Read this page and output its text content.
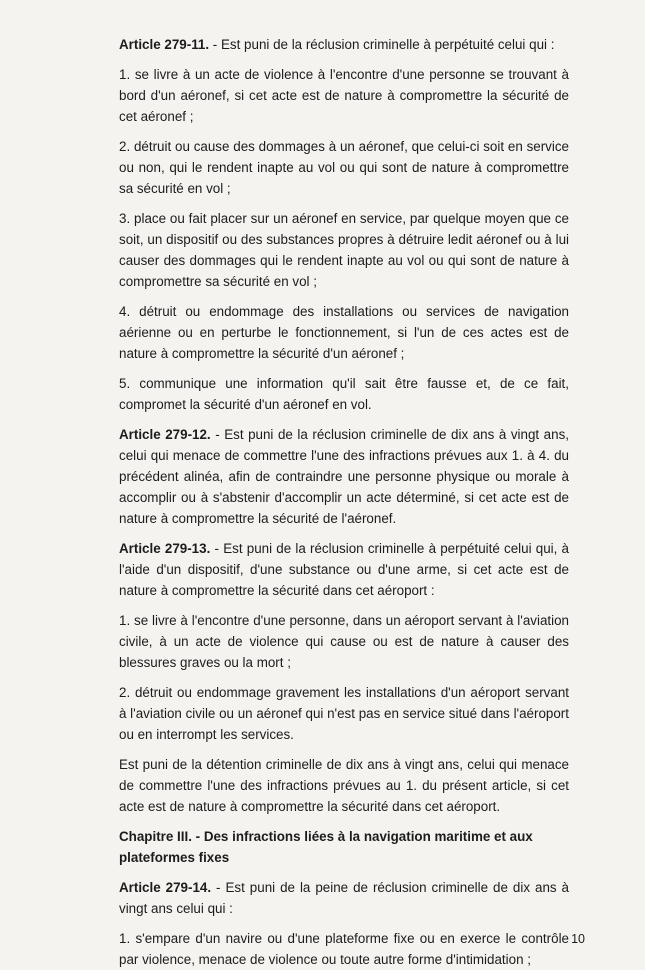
Article 279-11. - Est puni de la réclusion criminelle à perpétuité celui qui :

1. se livre à un acte de violence à l'encontre d'une personne se trouvant à bord d'un aéronef, si cet acte est de nature à compromettre la sécurité de cet aéronef ;

2. détruit ou cause des dommages à un aéronef, que celui-ci soit en service ou non, qui le rendent inapte au vol ou qui sont de nature à compromettre sa sécurité en vol ;

3. place ou fait placer sur un aéronef en service, par quelque moyen que ce soit, un dispositif ou des substances propres à détruire ledit aéronef ou à lui causer des dommages qui le rendent inapte au vol ou qui sont de nature à compromettre sa sécurité en vol ;

4. détruit ou endommage des installations ou services de navigation aérienne ou en perturbe le fonctionnement, si l'un de ces actes est de nature à compromettre la sécurité d'un aéronef ;

5. communique une information qu'il sait être fausse et, de ce fait, compromet la sécurité d'un aéronef en vol.

Article 279-12. - Est puni de la réclusion criminelle de dix ans à vingt ans, celui qui menace de commettre l'une des infractions prévues aux 1. à 4. du précédent alinéa, afin de contraindre une personne physique ou morale à accomplir ou à s'abstenir d'accomplir un acte déterminé, si cet acte est de nature à compromettre la sécurité de l'aéronef.

Article 279-13. - Est puni de la réclusion criminelle à perpétuité celui qui, à l'aide d'un dispositif, d'une substance ou d'une arme, si cet acte est de nature à compromettre la sécurité dans cet aéroport :

1. se livre à l'encontre d'une personne, dans un aéroport servant à l'aviation civile, à un acte de violence qui cause ou est de nature à causer des blessures graves ou la mort ;

2. détruit ou endommage gravement les installations d'un aéroport servant à l'aviation civile ou un aéronef qui n'est pas en service situé dans l'aéroport ou en interrompt les services.

Est puni de la détention criminelle de dix ans à vingt ans, celui qui menace de commettre l'une des infractions prévues au 1. du présent article, si cet acte est de nature à compromettre la sécurité dans cet aéroport.

Chapitre III. - Des infractions liées à la navigation maritime et aux plateformes fixes

Article 279-14. - Est puni de la peine de réclusion criminelle de dix ans à vingt ans celui qui :

1. s'empare d'un navire ou d'une plateforme fixe ou en exerce le contrôle par violence, menace de violence ou toute autre forme d'intimidation ;

10
